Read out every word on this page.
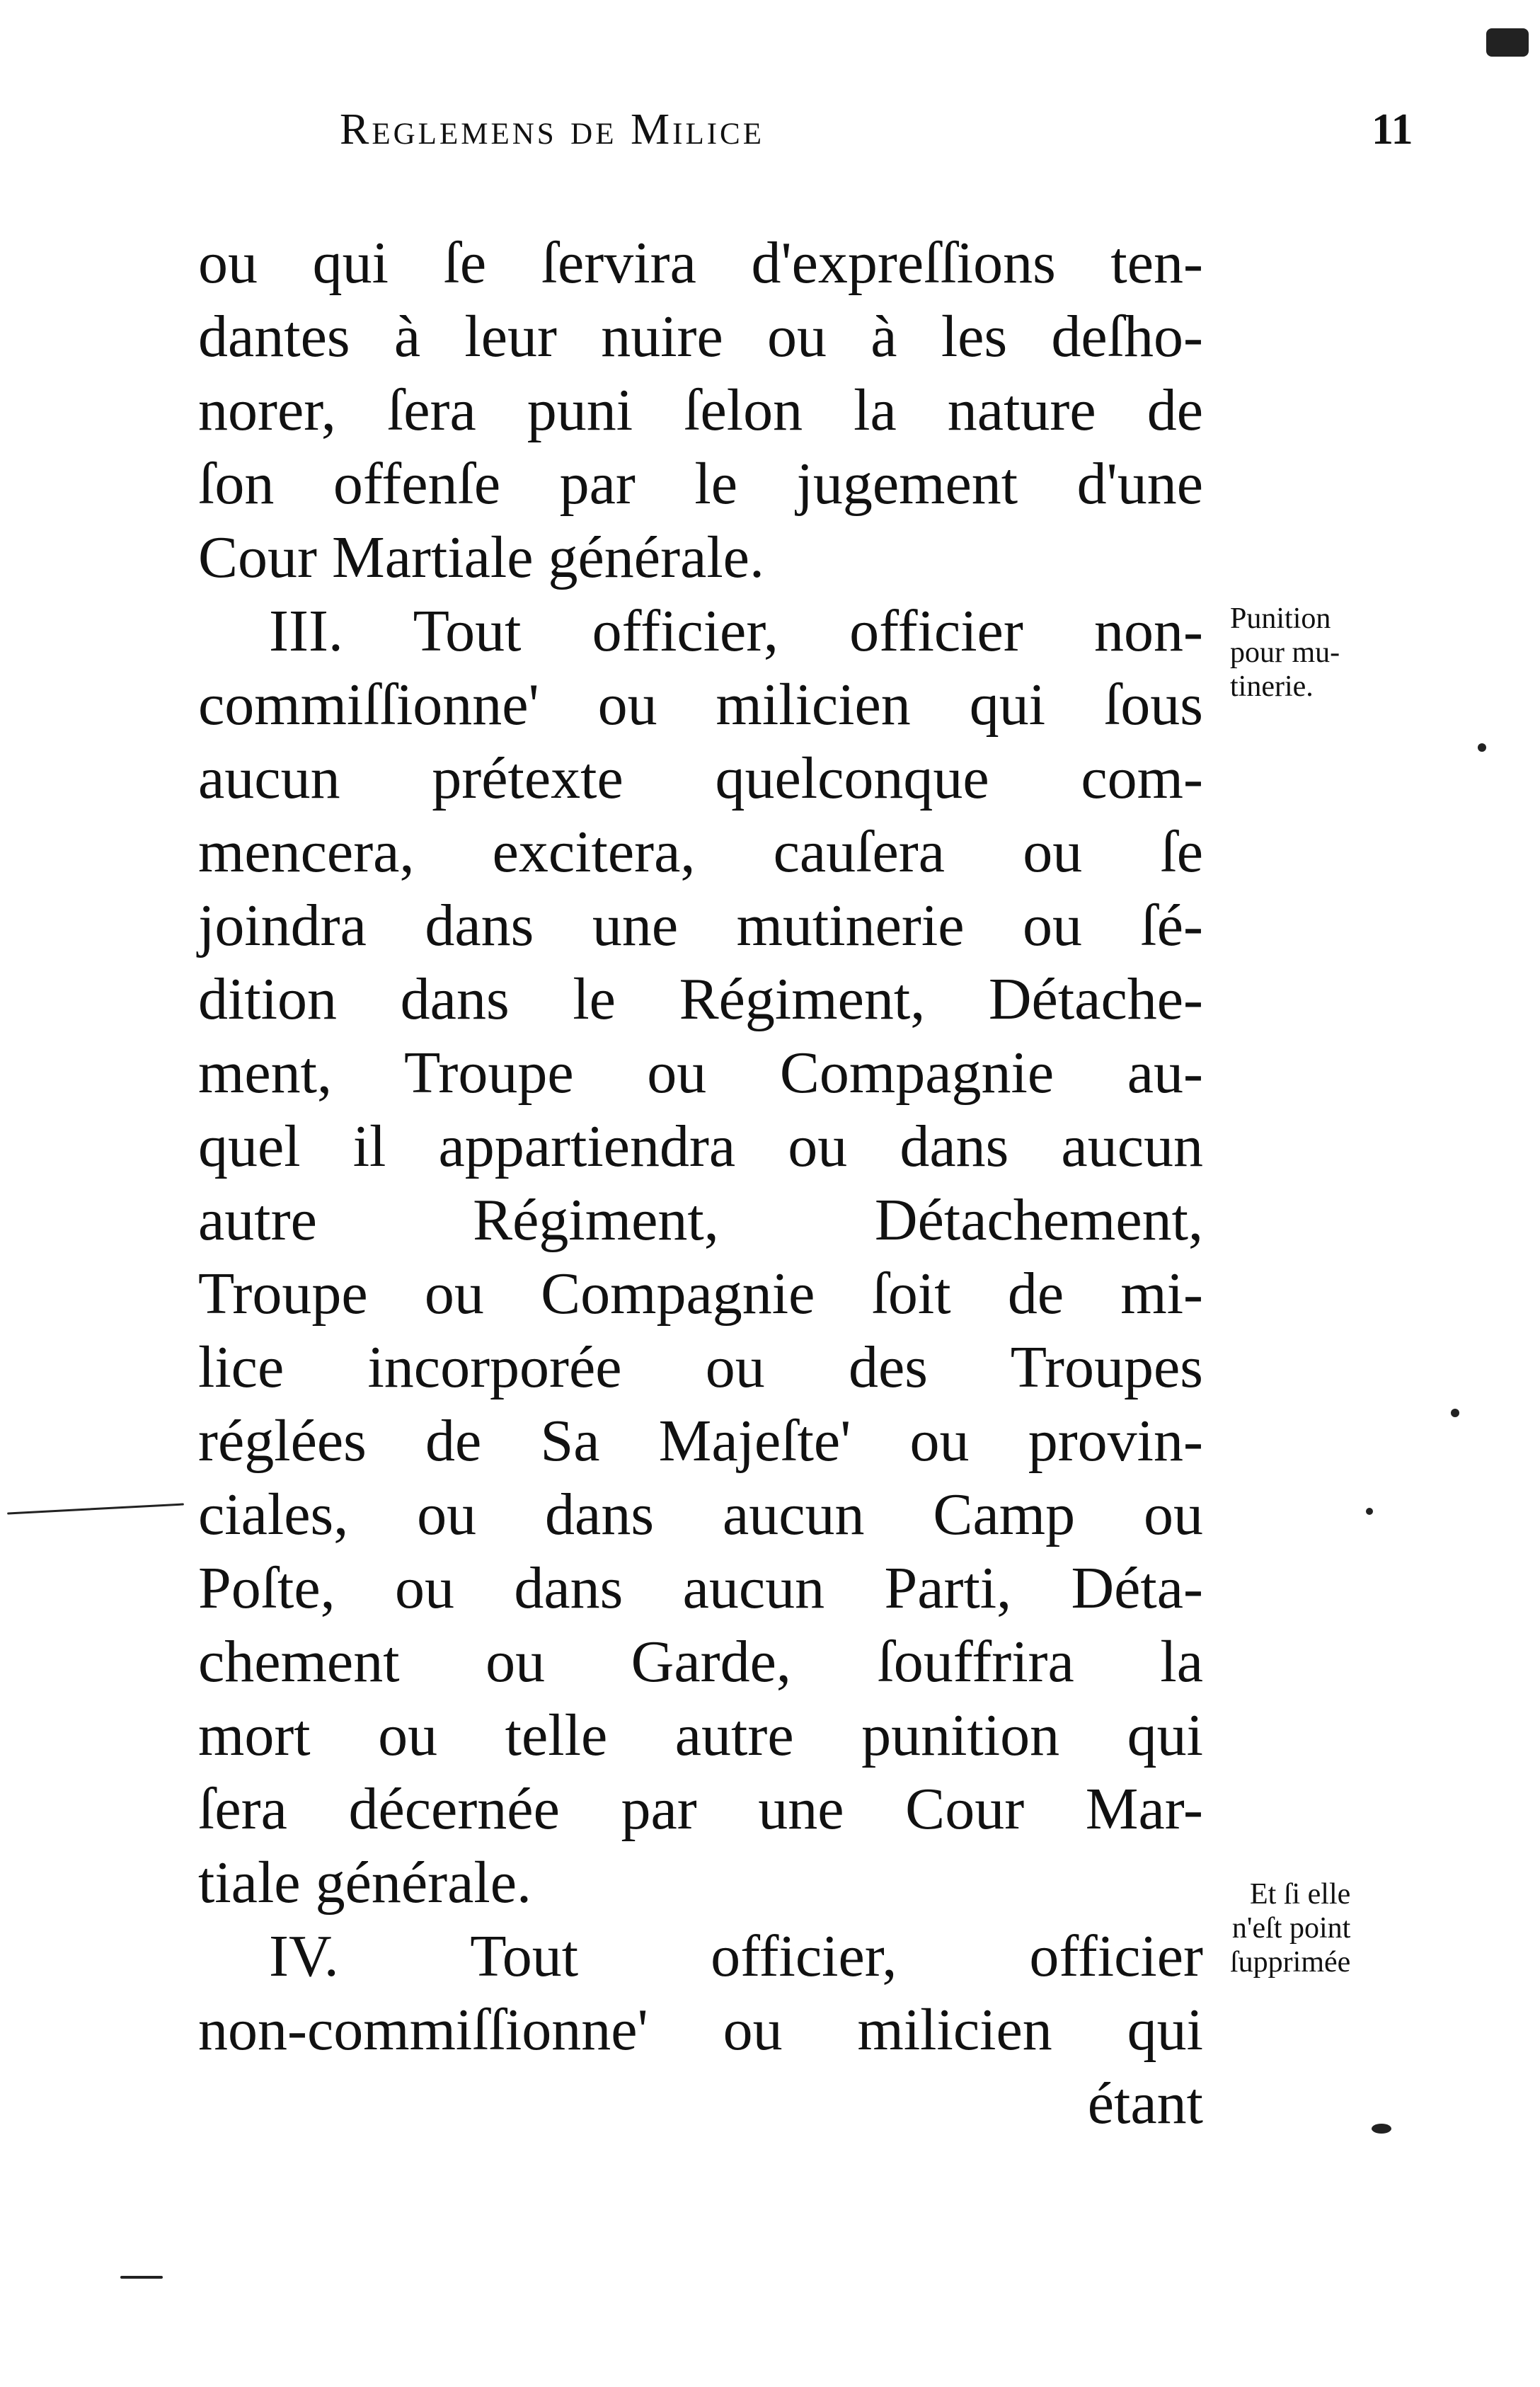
Reglemens de Milice	11
ou qui ſe ſervira d'expreſſions ten-
dantes à leur nuire ou à les deſho-
norer, ſera puni ſelon la nature de
ſon offenſe par le jugement d'une
Cour Martiale générale.
III. Tout officier, officier non-
commiſſionne' ou milicien qui ſous
aucun prétexte quelconque com-
mencera, excitera, cauſera ou ſe
joindra dans une mutinerie ou ſé-
dition dans le Régiment, Détache-
ment, Troupe ou Compagnie au-
quel il appartiendra ou dans aucun
autre Régiment, Détachement,
Troupe ou Compagnie ſoit de mi-
lice incorporée ou des Troupes
réglées de Sa Majeſte' ou provin-
ciales, ou dans aucun Camp ou
Poſte, ou dans aucun Parti, Déta-
chement ou Garde, ſouffrira la
mort ou telle autre punition qui
ſera décernée par une Cour Mar-
tiale générale.
IV. Tout officier, officier
non-commiſſionne' ou milicien qui
étant
Punition
pour mu-
tinerie.
Et ſi elle
n'eſt point
ſupprimée
